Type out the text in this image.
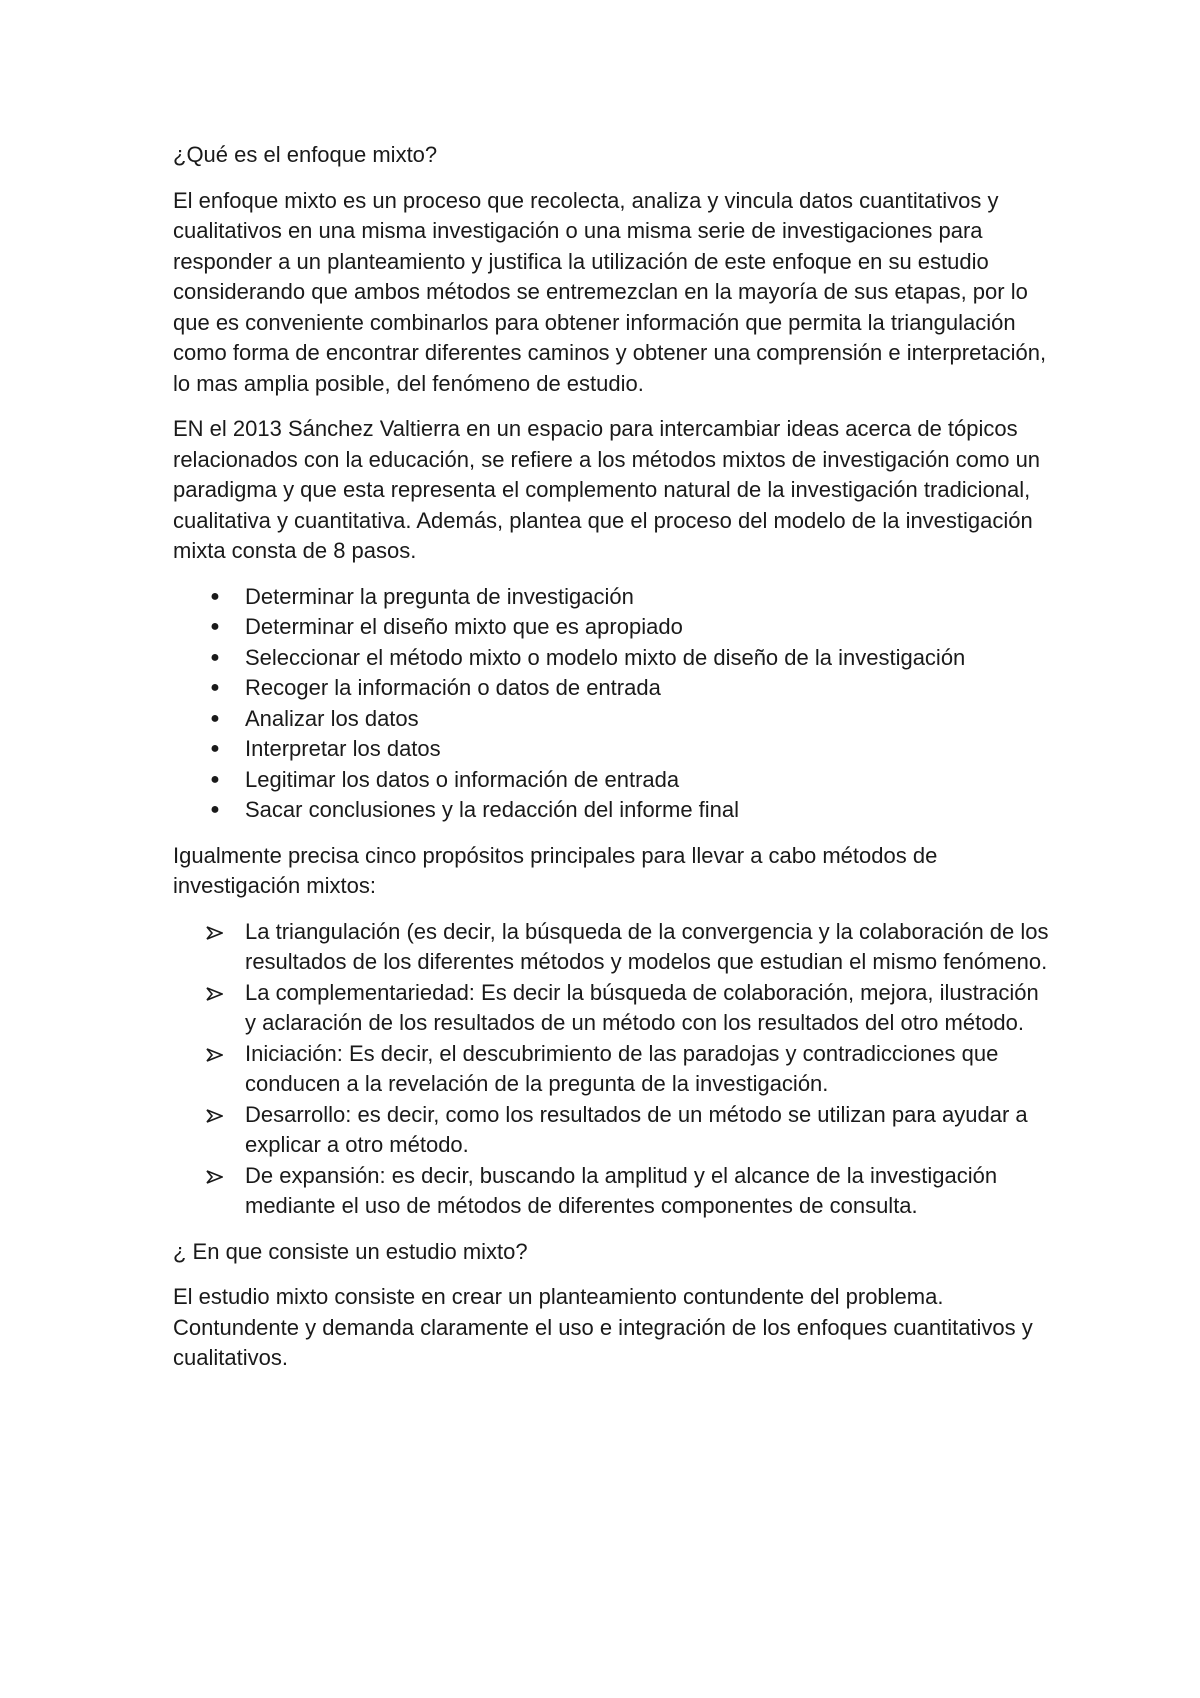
¿Qué es el enfoque mixto?

El enfoque mixto es un proceso que recolecta, analiza y vincula datos cuantitativos y cualitativos en una misma investigación o una misma serie de investigaciones para responder a un planteamiento y justifica la utilización de este enfoque en su estudio considerando que ambos métodos se entremezclan en la mayoría de sus etapas, por lo que es conveniente combinarlos para obtener información que permita la triangulación como forma de encontrar diferentes caminos y obtener una comprensión e interpretación, lo mas amplia posible, del fenómeno de estudio.

EN el 2013 Sánchez Valtierra en un espacio para intercambiar ideas acerca de tópicos relacionados con la educación, se refiere a los métodos mixtos de investigación como un paradigma y que esta representa el complemento natural de la investigación tradicional, cualitativa y cuantitativa. Además, plantea que el proceso del modelo de la investigación mixta consta de 8 pasos.

●	Determinar la pregunta de investigación
●	Determinar el diseño mixto que es apropiado
●	Seleccionar el método mixto o modelo mixto de diseño de la investigación
●	Recoger la información o datos de entrada
●	Analizar los datos
●	Interpretar los datos
●	Legitimar los datos o información de entrada
●	Sacar conclusiones y la redacción del informe final

Igualmente precisa cinco propósitos principales para llevar a cabo métodos de investigación mixtos:

La triangulación (es decir, la búsqueda de la convergencia y la colaboración de los resultados de los diferentes métodos y modelos que estudian el mismo fenómeno.
La complementariedad: Es decir la búsqueda de colaboración, mejora, ilustración y aclaración de los resultados de un método con los resultados del otro método.
Iniciación: Es decir, el descubrimiento de las paradojas y contradicciones que conducen a la revelación de la pregunta de la investigación.
Desarrollo: es decir, como los resultados de un método se utilizan para ayudar a explicar a otro método.
De expansión: es decir, buscando la amplitud y el alcance de la investigación mediante el uso de métodos de diferentes componentes de consulta.

¿ En que consiste un estudio mixto?

El estudio mixto consiste en crear un planteamiento contundente del problema. Contundente y demanda claramente el uso e integración de los enfoques cuantitativos y cualitativos.
